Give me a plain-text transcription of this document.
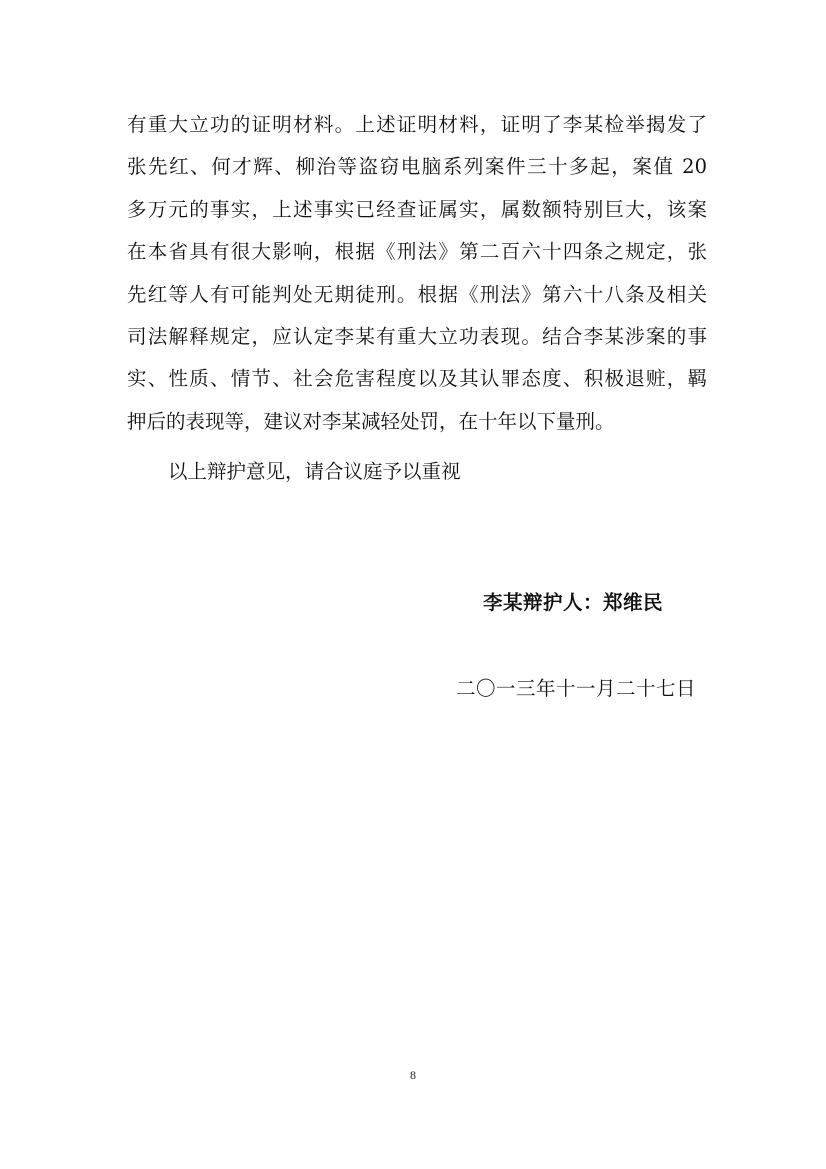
有重大立功的证明材料。上述证明材料，证明了李某检举揭发了
张先红、何才辉、柳治等盗窃电脑系列案件三十多起，案值 20
多万元的事实，上述事实已经查证属实，属数额特别巨大，该案
在本省具有很大影响，根据《刑法》第二百六十四条之规定，张
先红等人有可能判处无期徒刑。根据《刑法》第六十八条及相关
司法解释规定，应认定李某有重大立功表现。结合李某涉案的事
实、性质、情节、社会危害程度以及其认罪态度、积极退赃，羁
押后的表现等，建议对李某减轻处罚，在十年以下量刑。
以上辩护意见，请合议庭予以重视
李某辩护人：郑维民
二〇一三年十一月二十七日
8
